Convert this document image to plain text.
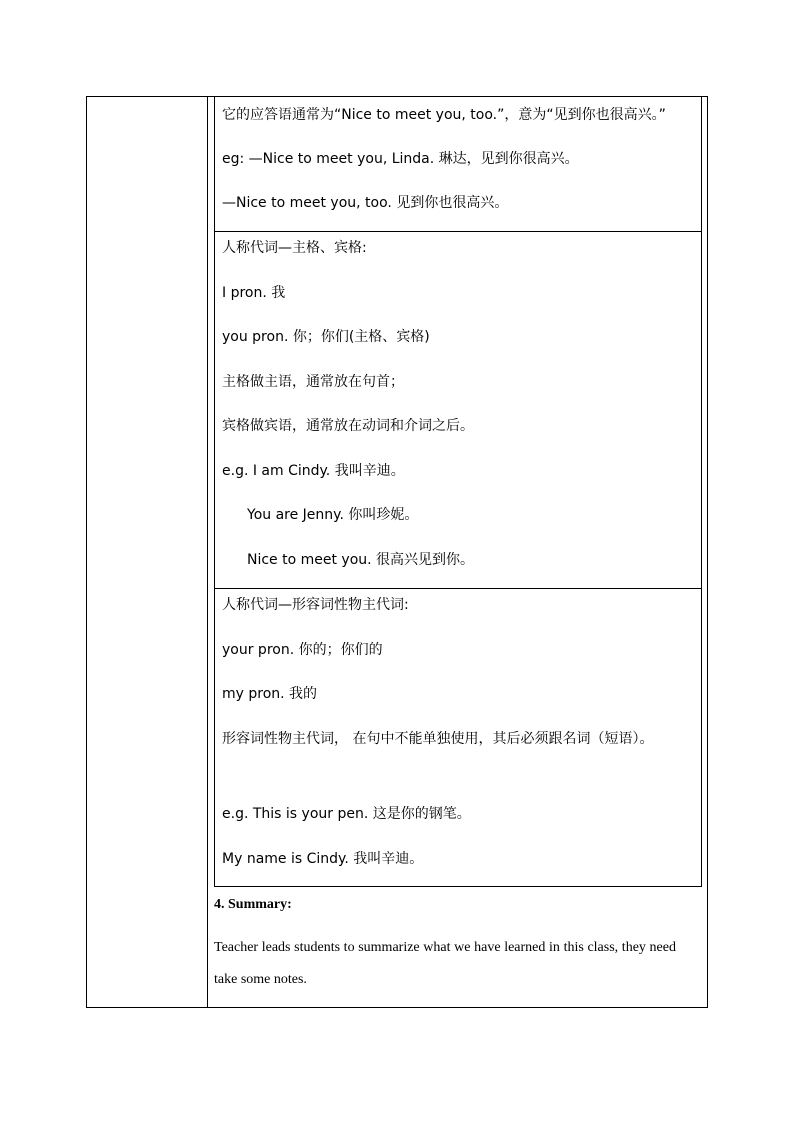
它的应答语通常为“Nice to meet you, too.”，意为“见到你也很高兴。”
eg: —Nice to meet you, Linda. 琳达，见到你很高兴。
—Nice to meet you, too. 见到你也很高兴。
人称代词—主格、宾格:
I pron. 我
you pron. 你；你们(主格、宾格)
主格做主语，通常放在句首；
宾格做宾语，通常放在动词和介词之后。
e.g. I am Cindy. 我叫辛迪。
You are Jenny. 你叫珍妮。
Nice to meet you. 很高兴见到你。
人称代词—形容词性物主代词:
your pron. 你的；你们的
my pron. 我的
形容词性物主代词， 在句中不能单独使用，其后必须跟名词（短语）。
e.g. This is your pen. 这是你的钢笔。
My name is Cindy. 我叫辛迪。
4. Summary:
Teacher leads students to summarize what we have learned in this class, they need take some notes.
